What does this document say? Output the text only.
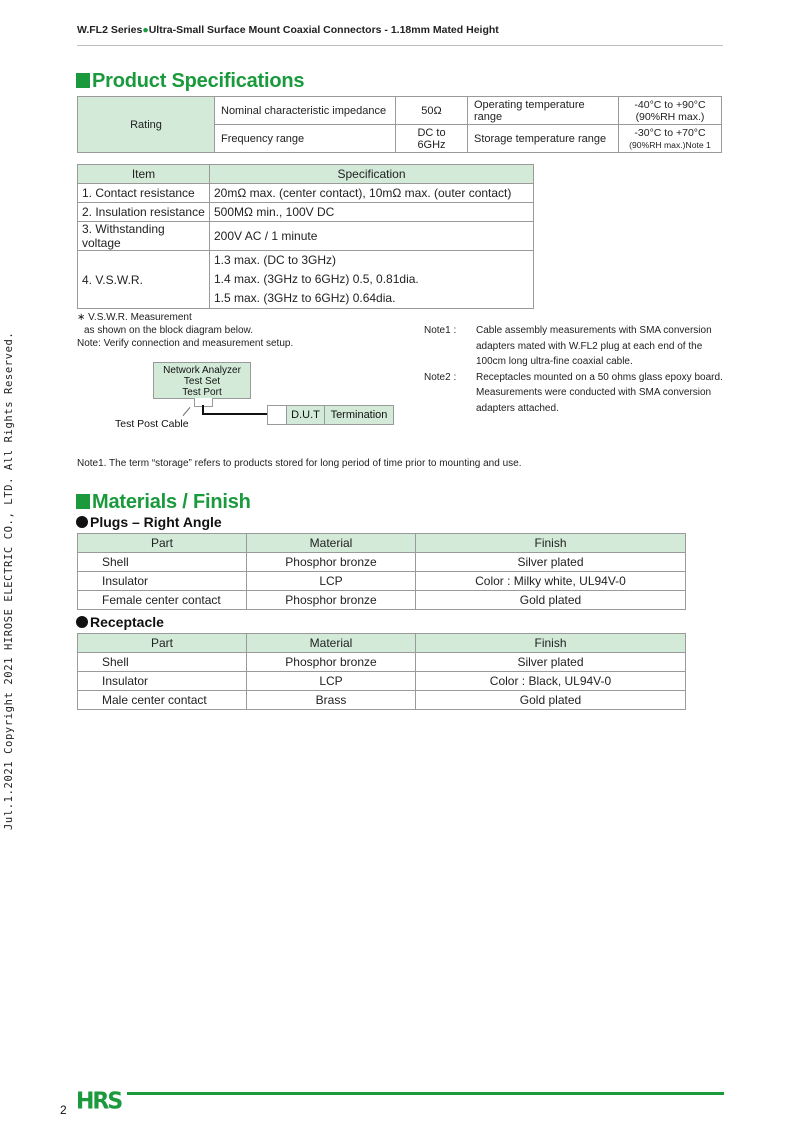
W.FL2 Series●Ultra-Small Surface Mount Coaxial Connectors - 1.18mm Mated Height
Product Specifications
Rating	Nominal characteristic impedance	50Ω	Operating temperature range	-40°C to +90°C
(90%RH max.)

	Frequency range	DC to 6GHz	Storage temperature range	-30°C to +70°C
(90%RH max.)Note 1
Item	Specification
1. Contact resistance	20mΩ max. (center contact), 10mΩ max. (outer contact)
2. Insulation resistance	500MΩ min., 100V DC
3. Withstanding voltage	200V AC / 1 minute
4. V.S.W.R.	1.3 max. (DC to 3GHz)
1.4 max. (3GHz to 6GHz) 0.5, 0.81dia.
1.5 max. (3GHz to 6GHz) 0.64dia.
∗ V.S.W.R. Measurement
as shown on the block diagram below.
Note: Verify connection and measurement setup.
Network Analyzer
Test Set
Test Port
D.U.T Termination
Test Post Cable
Note1 :	Cable assembly measurements with SMA conversion
adapters mated with W.FL2 plug at each end of the
100cm long ultra-fine coaxial cable.
Note2 :	Receptacles mounted on a 50 ohms glass epoxy board.
Measurements were conducted with SMA conversion
adapters attached.
Note1. The term “storage” refers to products stored for long period of time prior to mounting and use.
Materials / Finish
Plugs – Right Angle
Part	Material	Finish
Shell	Phosphor bronze	Silver plated
Insulator	LCP	Color : Milky white, UL94V-0
Female center contact	Phosphor bronze	Gold plated
Receptacle
Part	Material	Finish
Shell	Phosphor bronze	Silver plated
Insulator	LCP	Color : Black, UL94V-0
Male center contact	Brass	Gold plated
Jul.1.2021 Copyright 2021 HIROSE ELECTRIC CO., LTD. All Rights Reserved.
2 HRS
